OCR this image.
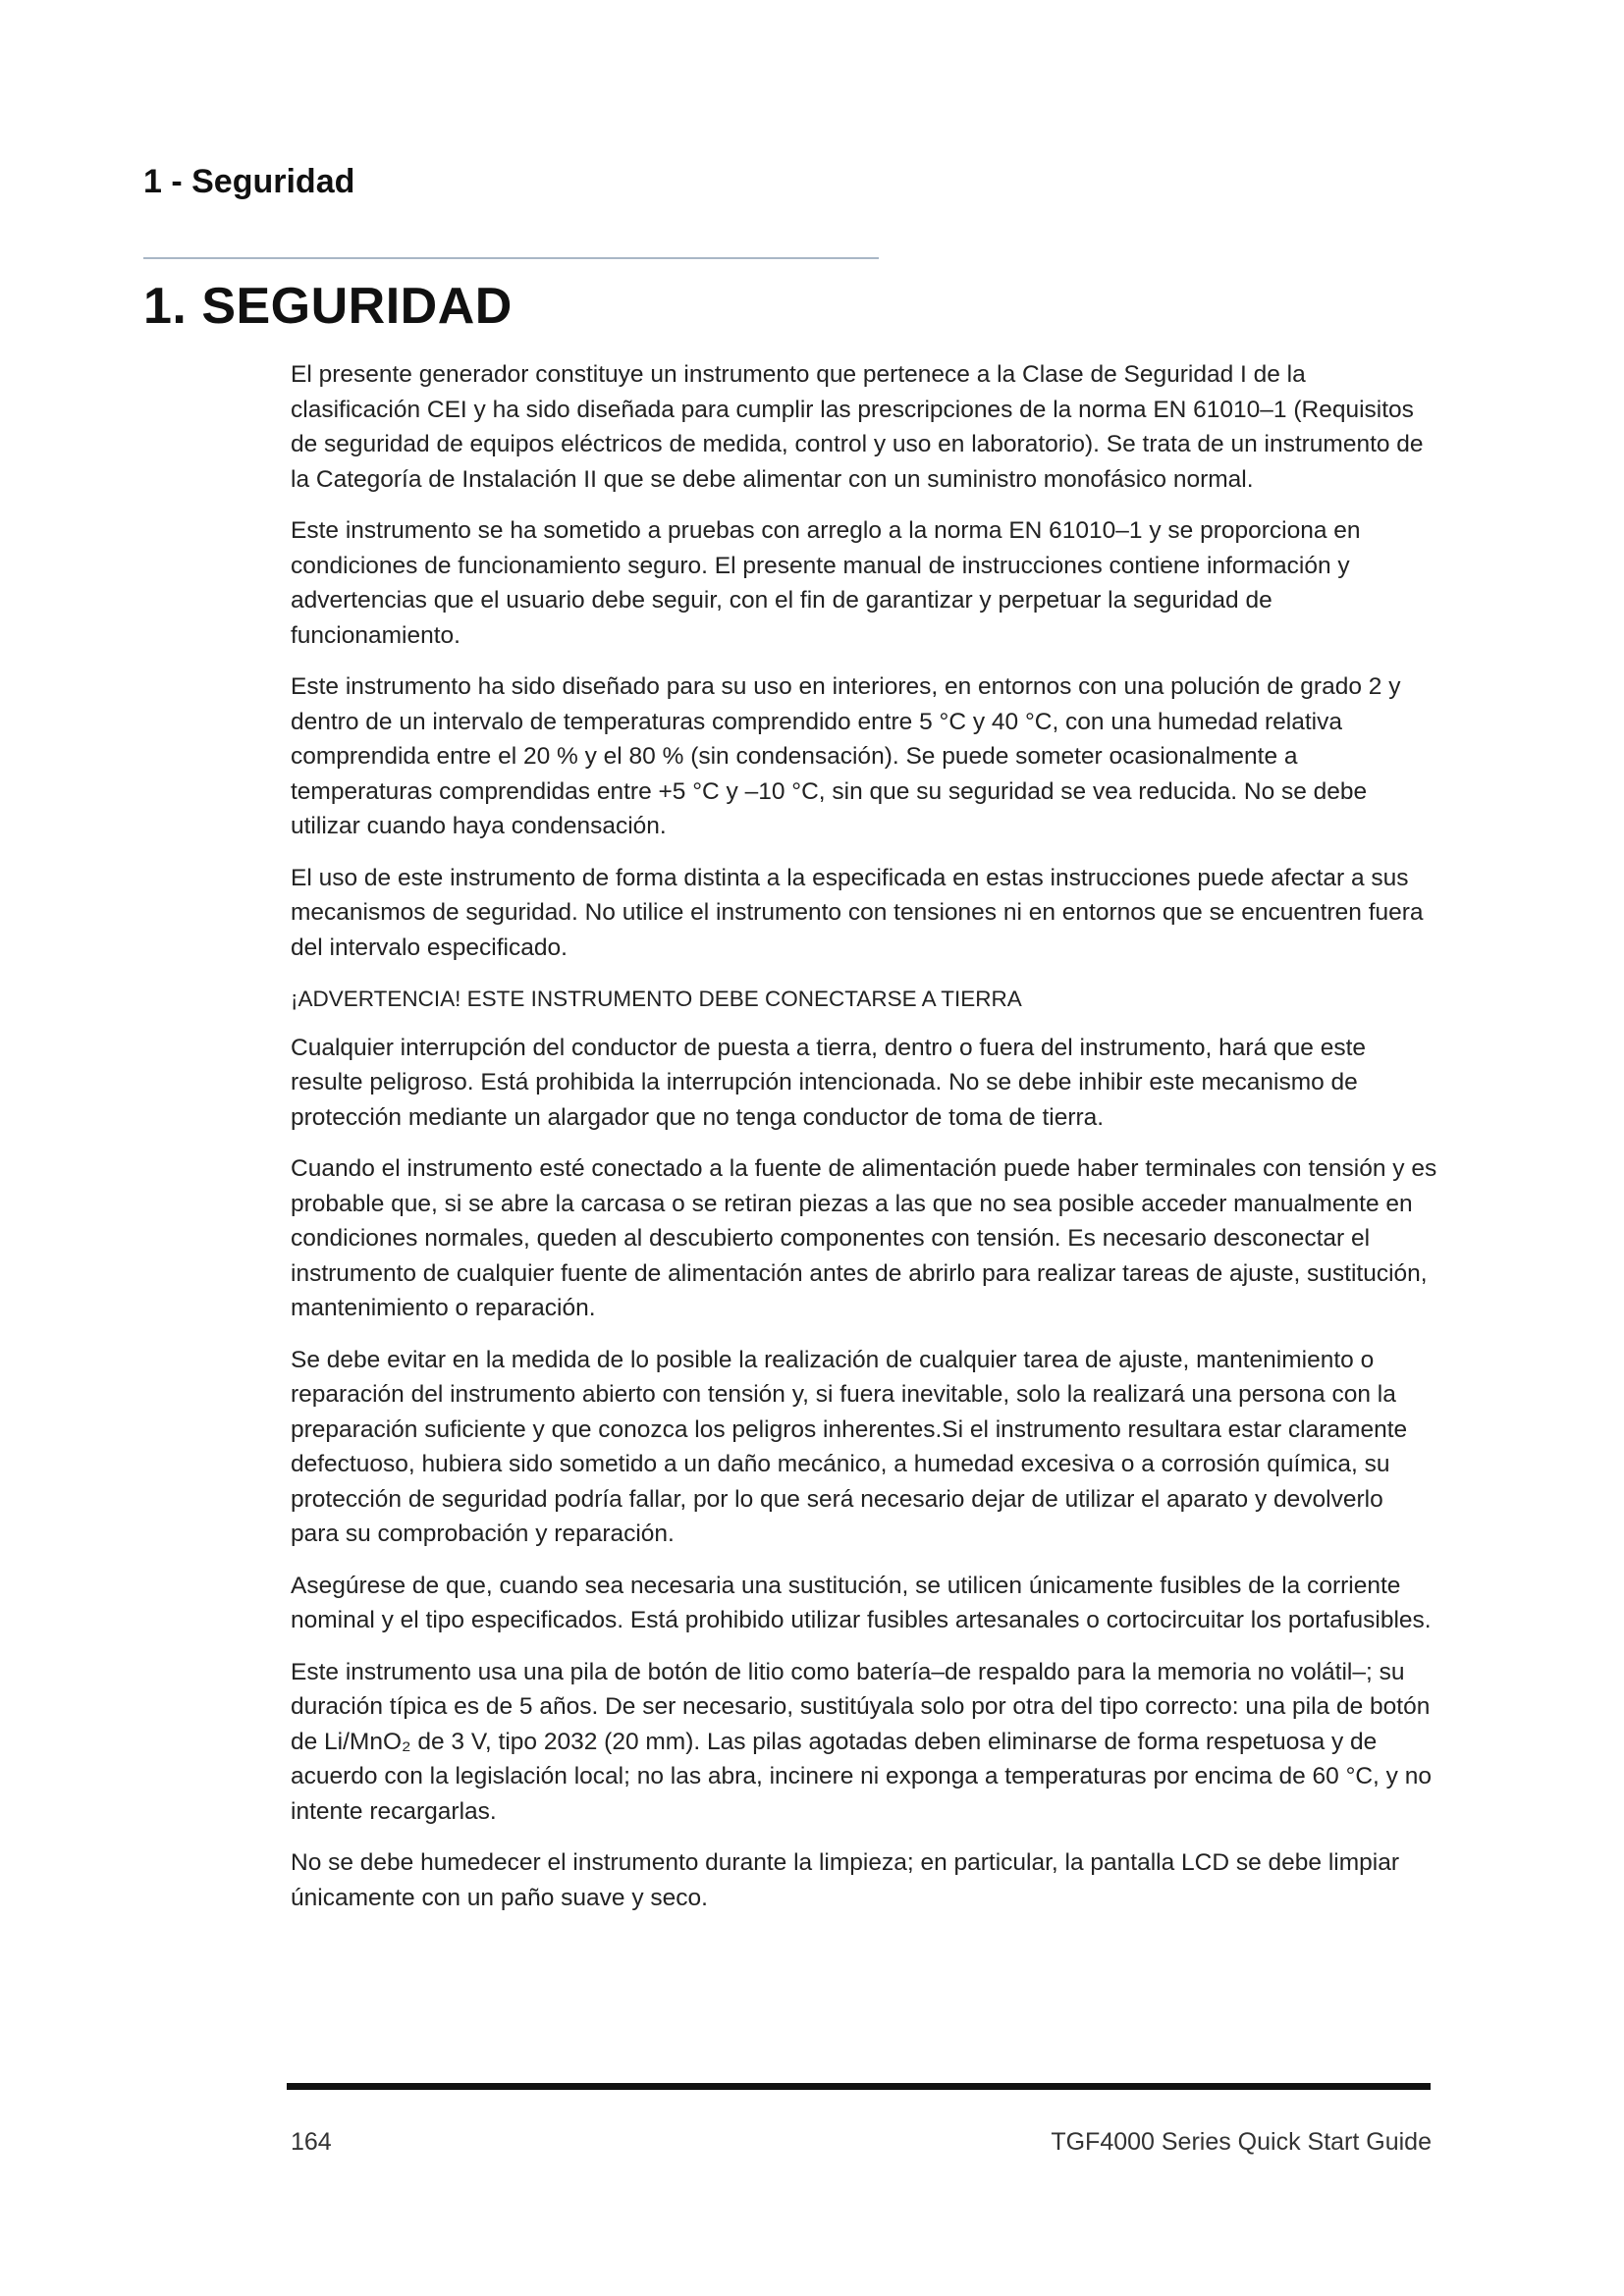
1 - Seguridad
1. SEGURIDAD

El presente generador constituye un instrumento que pertenece a la Clase de Seguridad I de la clasificación CEI y ha sido diseñada para cumplir las prescripciones de la norma EN 61010–1 (Requisitos de seguridad de equipos eléctricos de medida, control y uso en laboratorio). Se trata de un instrumento de la Categoría de Instalación II que se debe alimentar con un suministro monofásico normal.

Este instrumento se ha sometido a pruebas con arreglo a la norma EN 61010–1 y se proporciona en condiciones de funcionamiento seguro. El presente manual de instrucciones contiene información y advertencias que el usuario debe seguir, con el fin de garantizar y perpetuar la seguridad de funcionamiento.

Este instrumento ha sido diseñado para su uso en interiores, en entornos con una polución de grado 2 y dentro de un intervalo de temperaturas comprendido entre 5 °C y 40 °C, con una humedad relativa comprendida entre el 20 % y el 80 % (sin condensación). Se puede someter ocasionalmente a temperaturas comprendidas entre +5 °C y –10 °C, sin que su seguridad se vea reducida. No se debe utilizar cuando haya condensación.

El uso de este instrumento de forma distinta a la especificada en estas instrucciones puede afectar a sus mecanismos de seguridad. No utilice el instrumento con tensiones ni en entornos que se encuentren fuera del intervalo especificado.

¡ADVERTENCIA! ESTE INSTRUMENTO DEBE CONECTARSE A TIERRA

Cualquier interrupción del conductor de puesta a tierra, dentro o fuera del instrumento, hará que este resulte peligroso. Está prohibida la interrupción intencionada. No se debe inhibir este mecanismo de protección mediante un alargador que no tenga conductor de toma de tierra.

Cuando el instrumento esté conectado a la fuente de alimentación puede haber terminales con tensión y es probable que, si se abre la carcasa o se retiran piezas a las que no sea posible acceder manualmente en condiciones normales, queden al descubierto componentes con tensión. Es necesario desconectar el instrumento de cualquier fuente de alimentación antes de abrirlo para realizar tareas de ajuste, sustitución, mantenimiento o reparación.

Se debe evitar en la medida de lo posible la realización de cualquier tarea de ajuste, mantenimiento o reparación del instrumento abierto con tensión y, si fuera inevitable, solo la realizará una persona con la preparación suficiente y que conozca los peligros inherentes.Si el instrumento resultara estar claramente defectuoso, hubiera sido sometido a un daño mecánico, a humedad excesiva o a corrosión química, su protección de seguridad podría fallar, por lo que será necesario dejar de utilizar el aparato y devolverlo para su comprobación y reparación.

Asegúrese de que, cuando sea necesaria una sustitución, se utilicen únicamente fusibles de la corriente nominal y el tipo especificados. Está prohibido utilizar fusibles artesanales o cortocircuitar los portafusibles.

Este instrumento usa una pila de botón de litio como batería–de respaldo para la memoria no volátil–; su duración típica es de 5 años. De ser necesario, sustitúyala solo por otra del tipo correcto: una pila de botón de Li/MnO₂ de 3 V, tipo 2032 (20 mm). Las pilas agotadas deben eliminarse de forma respetuosa y de acuerdo con la legislación local; no las abra, incinere ni exponga a temperaturas por encima de 60 °C, y no intente recargarlas.

No se debe humedecer el instrumento durante la limpieza; en particular, la pantalla LCD se debe limpiar únicamente con un paño suave y seco.

164	TGF4000 Series Quick Start Guide
